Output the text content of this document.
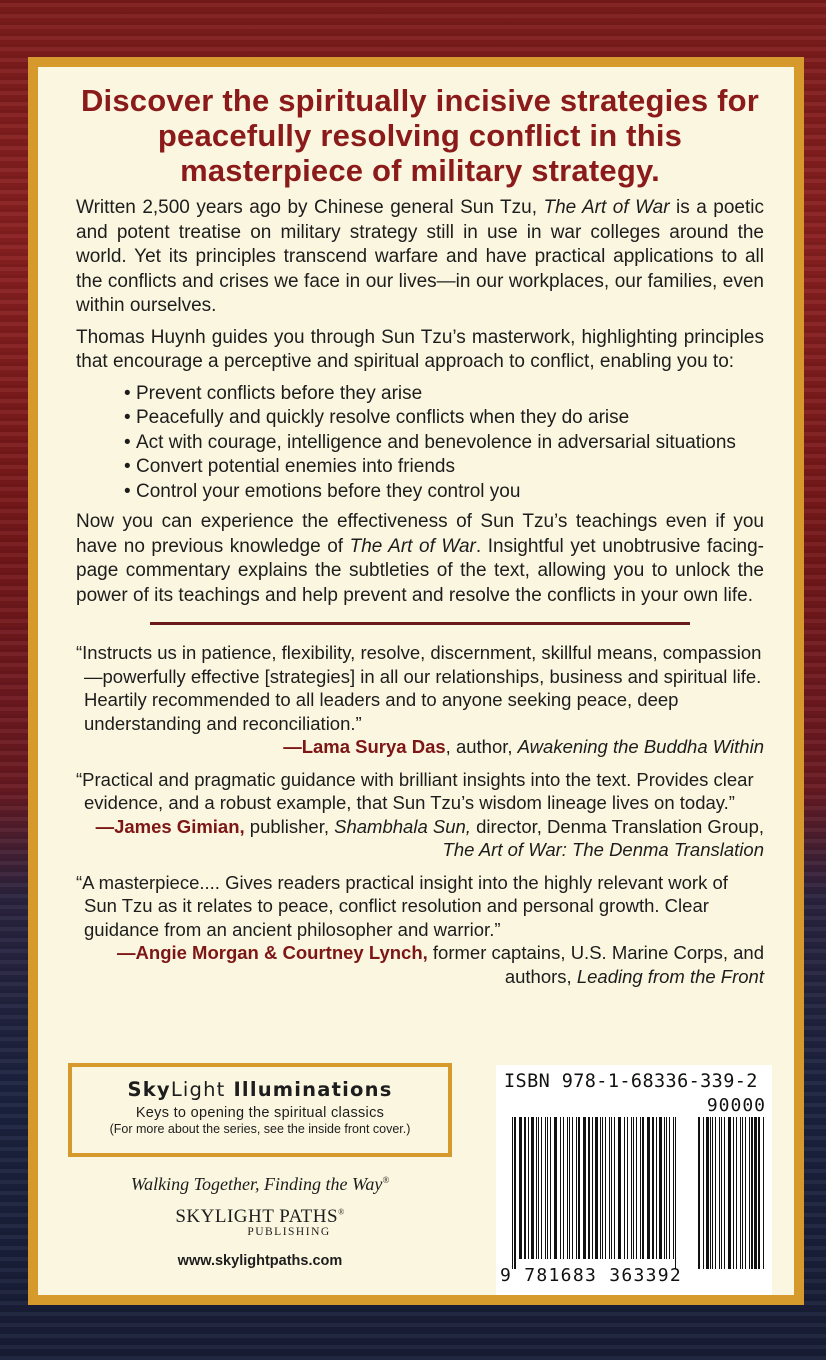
Discover the spiritually incisive strategies for peacefully resolving conflict in this masterpiece of military strategy.

Written 2,500 years ago by Chinese general Sun Tzu, The Art of War is a poetic and potent treatise on military strategy still in use in war colleges around the world. Yet its principles transcend warfare and have practical applications to all the conflicts and crises we face in our lives—in our workplaces, our families, even within ourselves.

Thomas Huynh guides you through Sun Tzu’s masterwork, highlighting principles that encourage a perceptive and spiritual approach to conflict, enabling you to:

• Prevent conflicts before they arise
• Peacefully and quickly resolve conflicts when they do arise
• Act with courage, intelligence and benevolence in adversarial situations
• Convert potential enemies into friends
• Control your emotions before they control you

Now you can experience the effectiveness of Sun Tzu’s teachings even if you have no previous knowledge of The Art of War. Insightful yet unobtrusive facing-page commentary explains the subtleties of the text, allowing you to unlock the power of its teachings and help prevent and resolve the conflicts in your own life.

“Instructs us in patience, flexibility, resolve, discernment, skillful means, compassion—powerfully effective [strategies] in all our relationships, business and spiritual life. Heartily recommended to all leaders and to anyone seeking peace, deep understanding and reconciliation.”

—Lama Surya Das, author, Awakening the Buddha Within

“Practical and pragmatic guidance with brilliant insights into the text. Provides clear evidence, and a robust example, that Sun Tzu’s wisdom lineage lives on today.”

—James Gimian, publisher, Shambhala Sun, director, Denma Translation Group, The Art of War: The Denma Translation

“A masterpiece.... Gives readers practical insight into the highly relevant work of Sun Tzu as it relates to peace, conflict resolution and personal growth. Clear guidance from an ancient philosopher and warrior.”

—Angie Morgan & Courtney Lynch, former captains, U.S. Marine Corps, and authors, Leading from the Front

SkyLight Illuminations
Keys to opening the spiritual classics
(For more about the series, see the inside front cover.)
Walking Together, Finding the Way®
SKYLIGHT PATHS®
PUBLISHING
www.skylightpaths.com
ISBN 978-1-68336-339-2
90000
9 781683 363392
